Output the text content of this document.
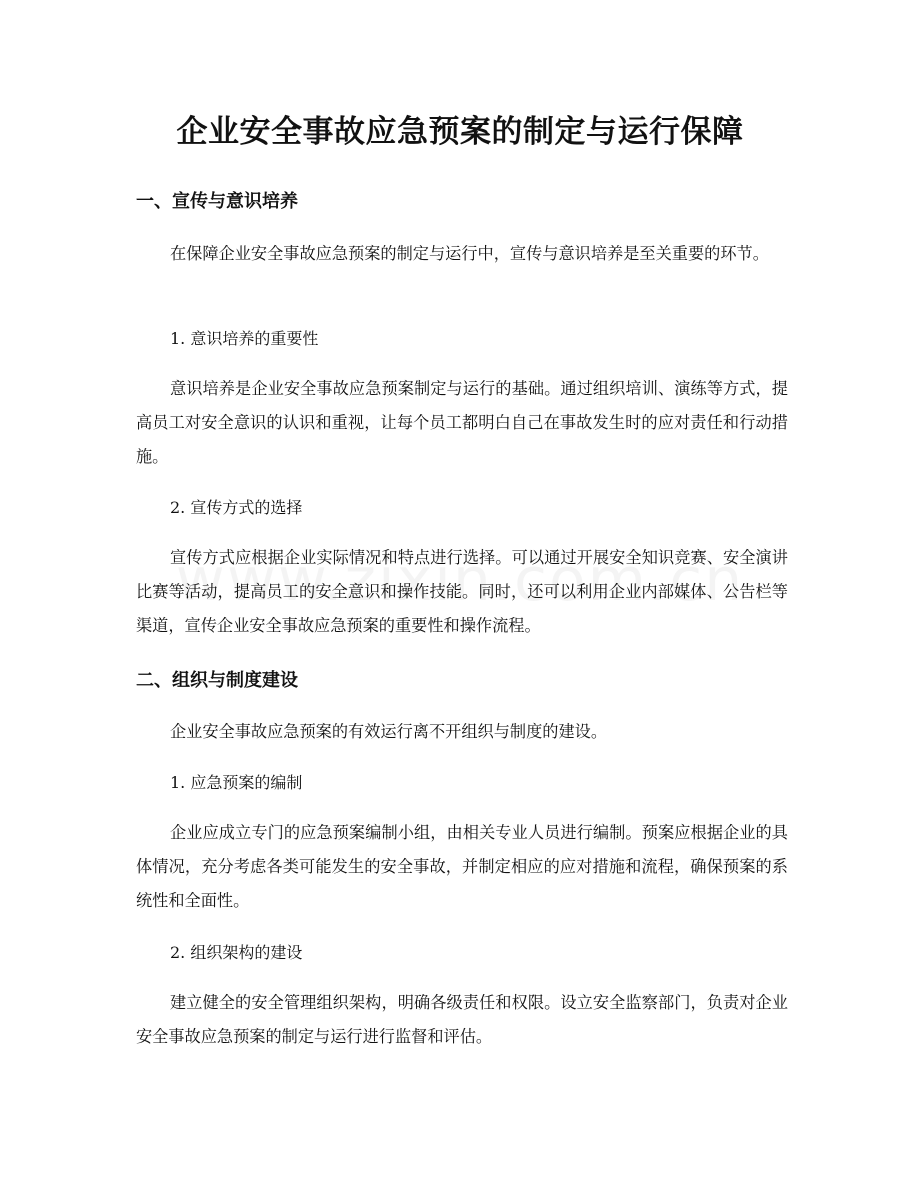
企业安全事故应急预案的制定与运行保障
一、宣传与意识培养

在保障企业安全事故应急预案的制定与运行中，宣传与意识培养是至关重要的环节。

1. 意识培养的重要性

意识培养是企业安全事故应急预案制定与运行的基础。通过组织培训、演练等方式，提高员工对安全意识的认识和重视，让每个员工都明白自己在事故发生时的应对责任和行动措施。

2. 宣传方式的选择

宣传方式应根据企业实际情况和特点进行选择。可以通过开展安全知识竞赛、安全演讲比赛等活动，提高员工的安全意识和操作技能。同时，还可以利用企业内部媒体、公告栏等渠道，宣传企业安全事故应急预案的重要性和操作流程。

二、组织与制度建设

企业安全事故应急预案的有效运行离不开组织与制度的建设。

1. 应急预案的编制

企业应成立专门的应急预案编制小组，由相关专业人员进行编制。预案应根据企业的具体情况，充分考虑各类可能发生的安全事故，并制定相应的应对措施和流程，确保预案的系统性和全面性。

2. 组织架构的建设

建立健全的安全管理组织架构，明确各级责任和权限。设立安全监察部门，负责对企业安全事故应急预案的制定与运行进行监督和评估。
